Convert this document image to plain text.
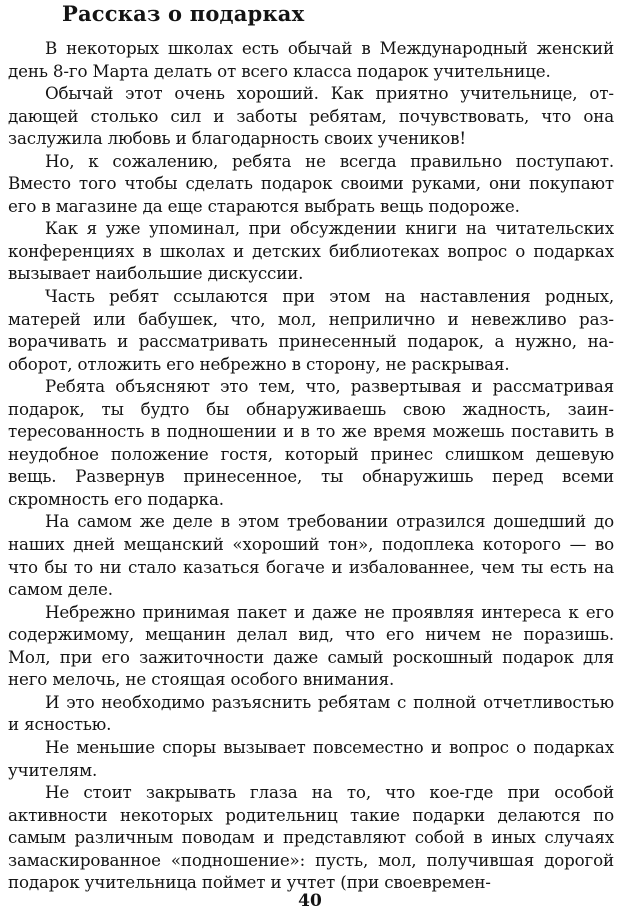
Рассказ о подарках

В некоторых школах есть обычай в Международный женский день 8-го Марта делать от всего класса подарок учительнице.

Обычай этот очень хороший. Как приятно учительнице, отдающей столько сил и заботы ребятам, почувствовать, что она заслужила любовь и благодарность своих учеников!

Но, к сожалению, ребята не всегда правильно поступают. Вместо того чтобы сделать подарок своими руками, они покупают его в магазине да еще стараются выбрать вещь подороже.

Как я уже упоминал, при обсуждении книги на читательских конференциях в школах и детских библиотеках вопрос о подарках вызывает наибольшие дискуссии.

Часть ребят ссылаются при этом на наставления родных, матерей или бабушек, что, мол, неприлично и невежливо разворачивать и рассматривать принесенный подарок, а нужно, наоборот, отложить его небрежно в сторону, не раскрывая.

Ребята объясняют это тем, что, развертывая и рассматривая подарок, ты будто бы обнаруживаешь свою жадность, заинтересованность в подношении и в то же время можешь поставить в неудобное положение гостя, который принес слишком дешевую вещь. Развернув принесенное, ты обнаружишь перед всеми скромность его подарка.

На самом же деле в этом требовании отразился дошедший до наших дней мещанский «хороший тон», подоплека которого — во что бы то ни стало казаться богаче и избалованнее, чем ты есть на самом деле.

Небрежно принимая пакет и даже не проявляя интереса к его содержимому, мещанин делал вид, что его ничем не поразишь. Мол, при его зажиточности даже самый роскошный подарок для него мелочь, не стоящая особого внимания.

И это необходимо разъяснить ребятам с полной отчетливостью и ясностью.

Не меньшие споры вызывает повсеместно и вопрос о подарках учителям.

Не стоит закрывать глаза на то, что кое-где при особой активности некоторых родительниц такие подарки делаются по самым различным поводам и представляют собой в иных случаях замаскированное «подношение»: пусть, мол, получившая дорогой подарок учительница поймет и учтет (при своевремен-

40
